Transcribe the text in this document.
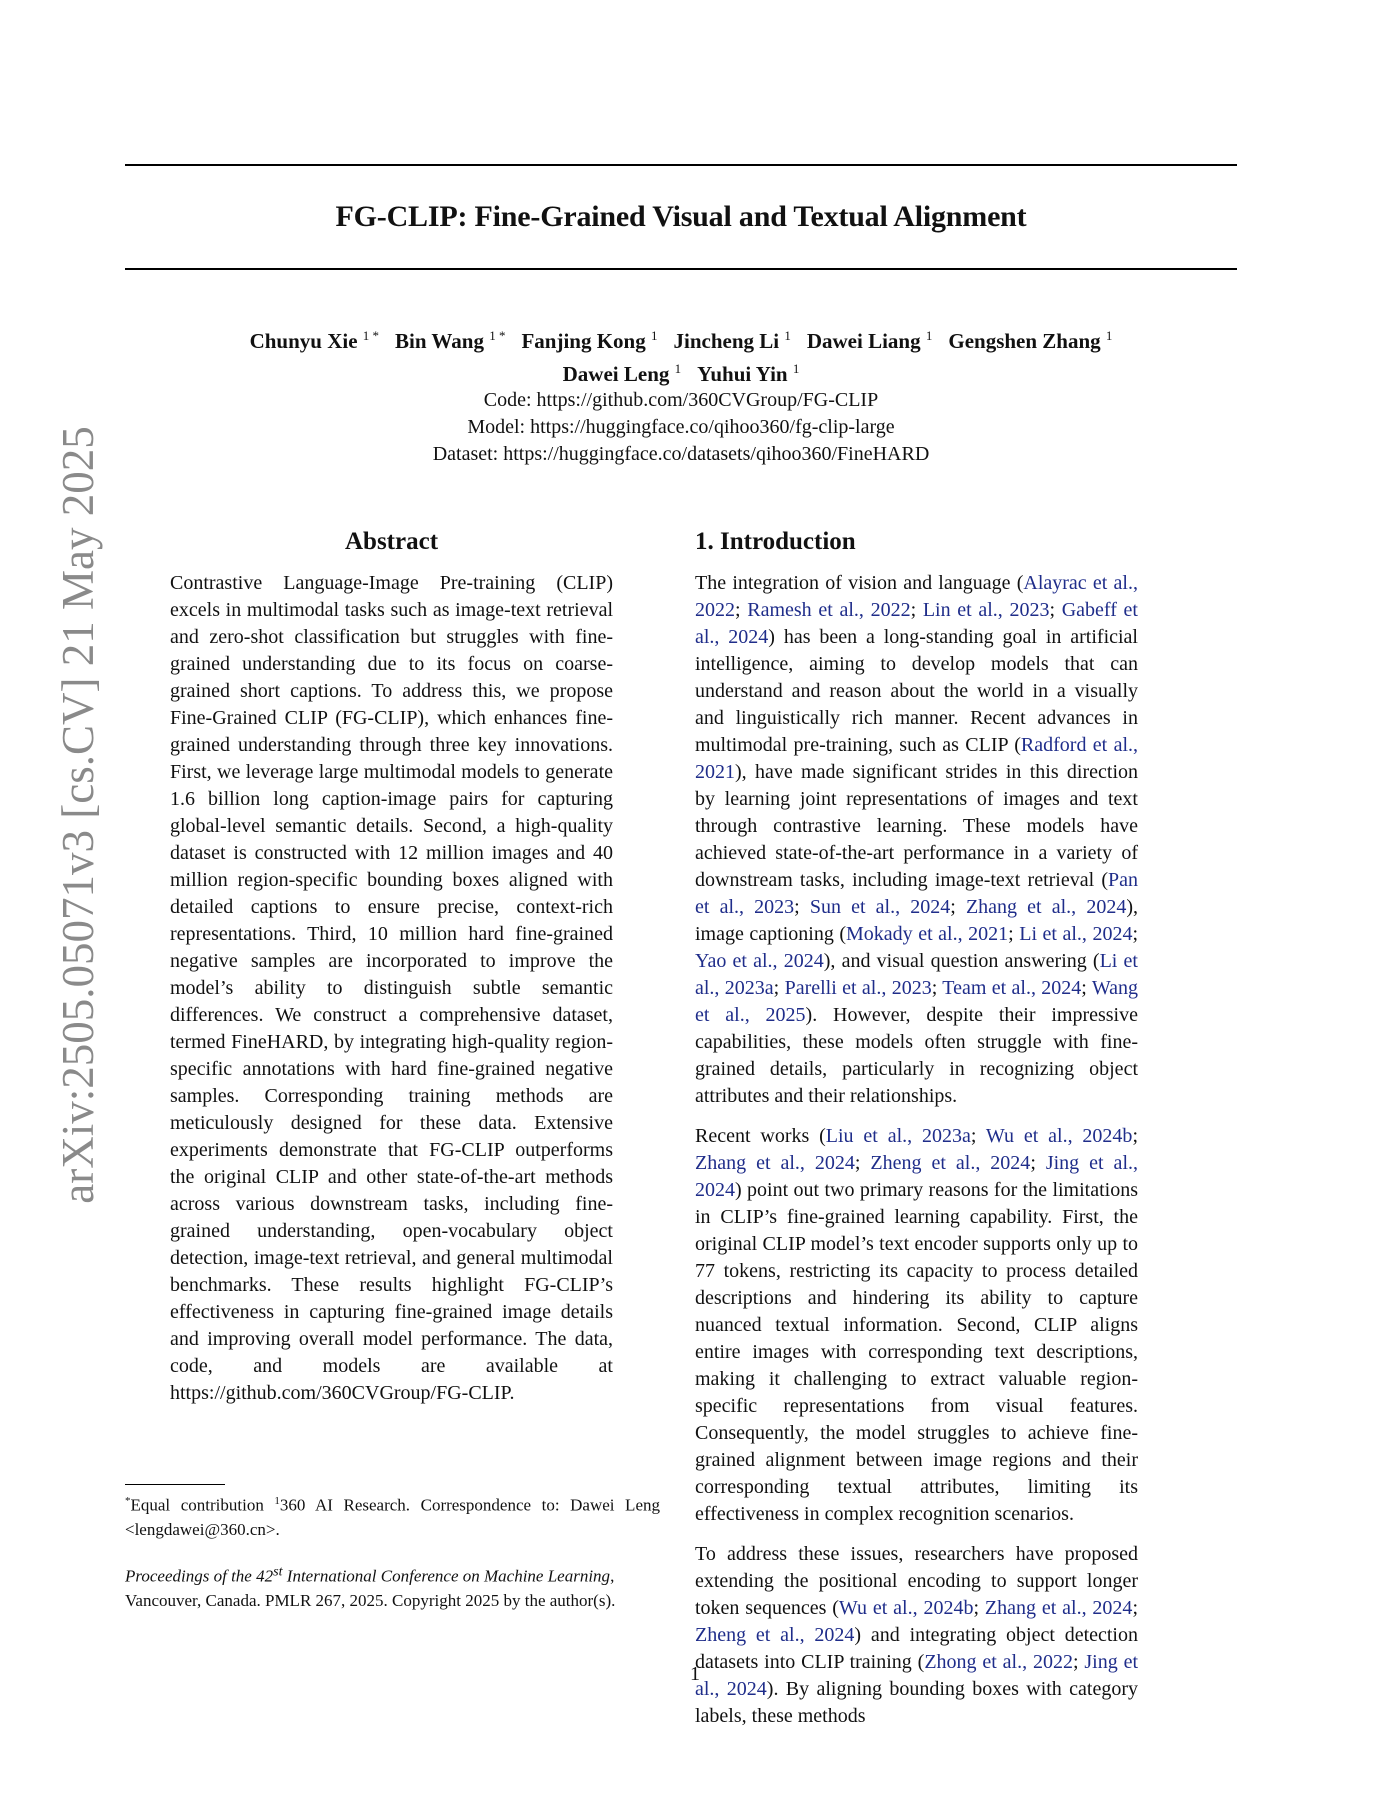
arXiv:2505.05071v3 [cs.CV] 21 May 2025
FG-CLIP: Fine-Grained Visual and Textual Alignment
Chunyu Xie $^{1 *}$ Bin Wang $^{1 *}$ Fanjing Kong $^1$ Jincheng Li $^1$ Dawei Liang $^1$ Gengshen Zhang $^1$
Dawei Leng $^1$ Yuhui Yin $^1$
Code: https://github.com/360CVGroup/FG-CLIP
Model: https://huggingface.co/qihoo360/fg-clip-large
Dataset: https://huggingface.co/datasets/qihoo360/FineHARD
Abstract

Contrastive Language-Image Pre-training (CLIP) excels in multimodal tasks such as image-text retrieval and zero-shot classification but struggles with fine-grained understanding due to its focus on coarse-grained short captions. To address this, we propose Fine-Grained CLIP (FG-CLIP), which enhances fine-grained understanding through three key innovations. First, we leverage large multimodal models to generate 1.6 billion long caption-image pairs for capturing global-level semantic details. Second, a high-quality dataset is constructed with 12 million images and 40 million region-specific bounding boxes aligned with detailed captions to ensure precise, context-rich representations. Third, 10 million hard fine-grained negative samples are incorporated to improve the model’s ability to distinguish subtle semantic differences. We construct a comprehensive dataset, termed FineHARD, by integrating high-quality region-specific annotations with hard fine-grained negative samples. Corresponding training methods are meticulously designed for these data. Extensive experiments demonstrate that FG-CLIP outperforms the original CLIP and other state-of-the-art methods across various downstream tasks, including fine-grained understanding, open-vocabulary object detection, image-text retrieval, and general multimodal benchmarks. These results highlight FG-CLIP’s effectiveness in capturing fine-grained image details and improving overall model performance. The data, code, and models are available at https://github.com/360CVGroup/FG-CLIP.

*Equal contribution $^1$360 AI Research. Correspondence to: Dawei Leng <lengdawei@360.cn>.
Proceedings of the 42st International Conference on Machine Learning, Vancouver, Canada. PMLR 267, 2025. Copyright 2025 by the author(s).
1. Introduction

The integration of vision and language (Alayrac et al., 2022; Ramesh et al., 2022; Lin et al., 2023; Gabeff et al., 2024) has been a long-standing goal in artificial intelligence, aiming to develop models that can understand and reason about the world in a visually and linguistically rich manner. Recent advances in multimodal pre-training, such as CLIP (Radford et al., 2021), have made significant strides in this direction by learning joint representations of images and text through contrastive learning. These models have achieved state-of-the-art performance in a variety of downstream tasks, including image-text retrieval (Pan et al., 2023; Sun et al., 2024; Zhang et al., 2024), image captioning (Mokady et al., 2021; Li et al., 2024; Yao et al., 2024), and visual question answering (Li et al., 2023a; Parelli et al., 2023; Team et al., 2024; Wang et al., 2025). However, despite their impressive capabilities, these models often struggle with fine-grained details, particularly in recognizing object attributes and their relationships.

Recent works (Liu et al., 2023a; Wu et al., 2024b; Zhang et al., 2024; Zheng et al., 2024; Jing et al., 2024) point out two primary reasons for the limitations in CLIP’s fine-grained learning capability. First, the original CLIP model’s text encoder supports only up to 77 tokens, restricting its capacity to process detailed descriptions and hindering its ability to capture nuanced textual information. Second, CLIP aligns entire images with corresponding text descriptions, making it challenging to extract valuable region-specific representations from visual features. Consequently, the model struggles to achieve fine-grained alignment between image regions and their corresponding textual attributes, limiting its effectiveness in complex recognition scenarios.

To address these issues, researchers have proposed extending the positional encoding to support longer token sequences (Wu et al., 2024b; Zhang et al., 2024; Zheng et al., 2024) and integrating object detection datasets into CLIP training (Zhong et al., 2022; Jing et al., 2024). By aligning bounding boxes with category labels, these methods

1
